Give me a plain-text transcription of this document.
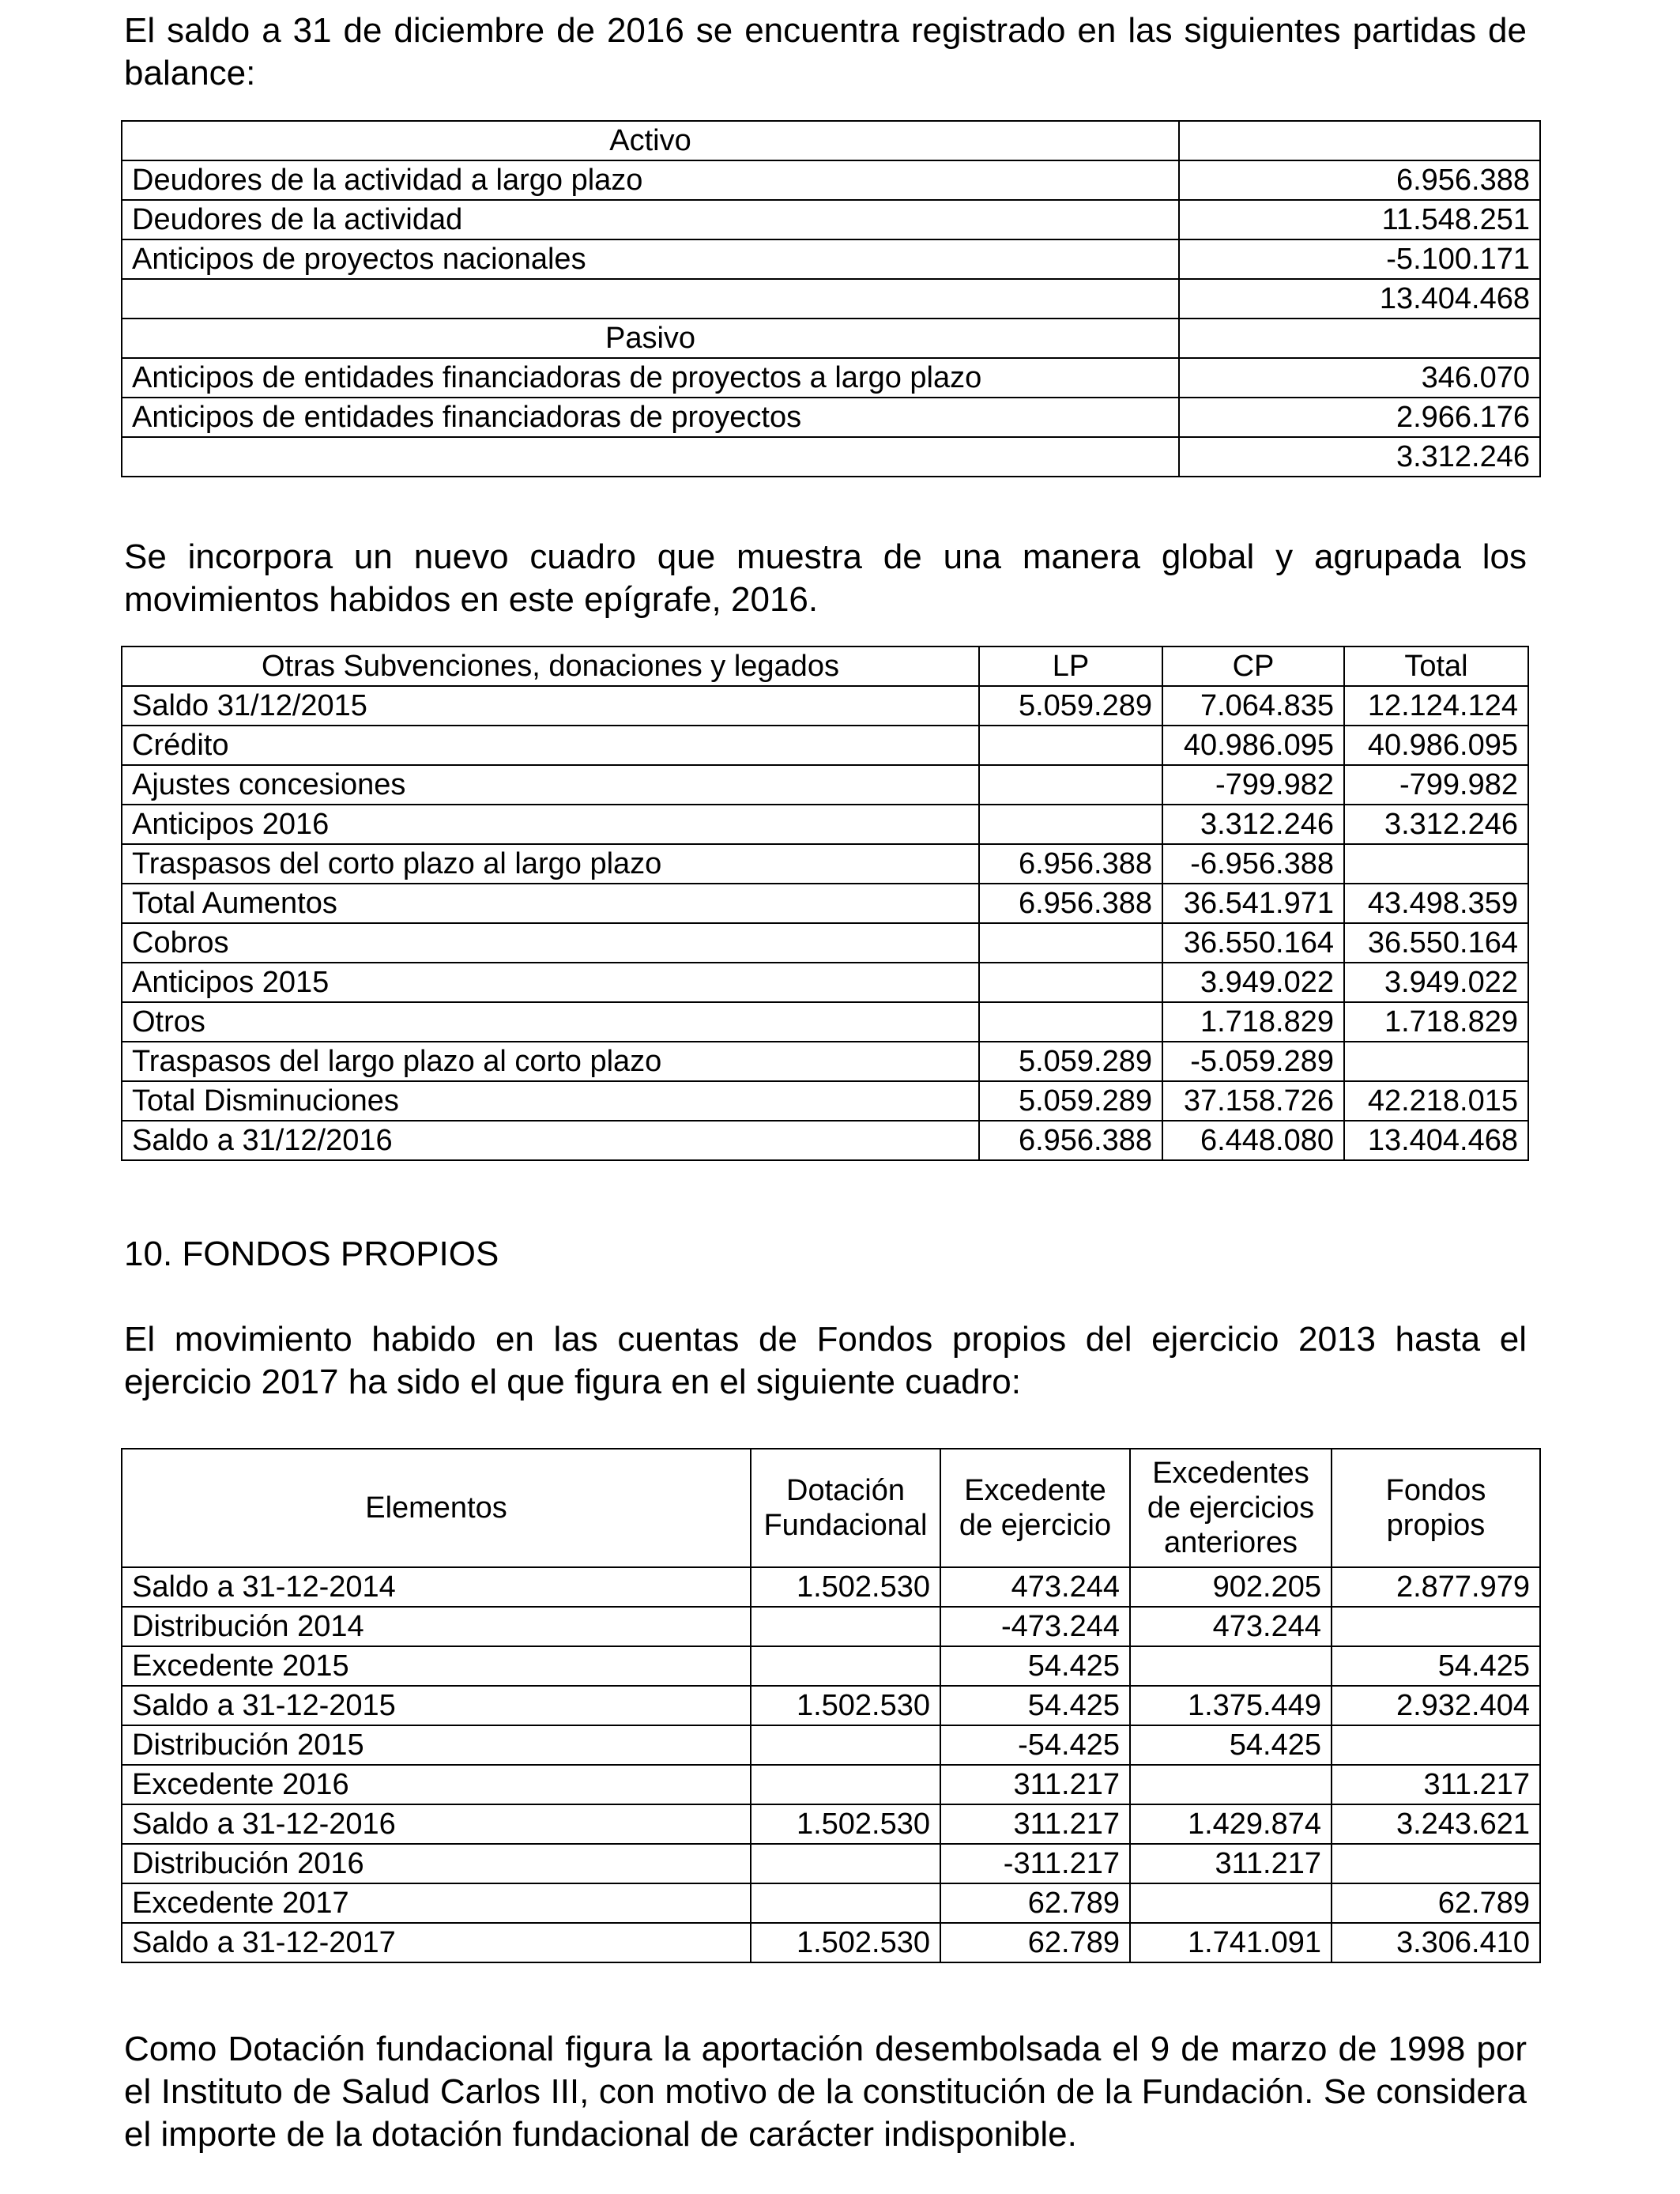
El saldo a 31 de diciembre de 2016 se encuentra registrado en las siguientes partidas de balance:

Activo	
Deudores de la actividad a largo plazo	6.956.388
Deudores de la actividad	11.548.251
Anticipos de proyectos nacionales	-5.100.171
	13.404.468
Pasivo	
Anticipos de entidades financiadoras de proyectos a largo plazo	346.070
Anticipos de entidades financiadoras de proyectos	2.966.176
	3.312.246

Se incorpora un nuevo cuadro que muestra de una manera global y agrupada los movimientos habidos en este epígrafe, 2016.

Otras Subvenciones, donaciones y legados	LP	CP	Total
Saldo 31/12/2015	5.059.289	7.064.835	12.124.124
Crédito		40.986.095	40.986.095
Ajustes concesiones		-799.982	-799.982
Anticipos 2016		3.312.246	3.312.246
Traspasos del corto plazo al largo plazo	6.956.388	-6.956.388	
Total Aumentos	6.956.388	36.541.971	43.498.359
Cobros		36.550.164	36.550.164
Anticipos 2015		3.949.022	3.949.022
Otros		1.718.829	1.718.829
Traspasos del largo plazo al corto plazo	5.059.289	-5.059.289	
Total Disminuciones	5.059.289	37.158.726	42.218.015
Saldo a 31/12/2016	6.956.388	6.448.080	13.404.468

10. FONDOS PROPIOS

El movimiento habido en las cuentas de Fondos propios del ejercicio 2013 hasta el ejercicio 2017 ha sido el que figura en el siguiente cuadro:

Elementos	Dotación Fundacional	Excedente de ejercicio	Excedentes de ejercicios anteriores	Fondos propios
Saldo a 31-12-2014	1.502.530	473.244	902.205	2.877.979
Distribución 2014		-473.244	473.244	
Excedente 2015		54.425		54.425
Saldo a 31-12-2015	1.502.530	54.425	1.375.449	2.932.404
Distribución 2015		-54.425	54.425	
Excedente 2016		311.217		311.217
Saldo a 31-12-2016	1.502.530	311.217	1.429.874	3.243.621
Distribución 2016		-311.217	311.217	
Excedente 2017		62.789		62.789
Saldo a 31-12-2017	1.502.530	62.789	1.741.091	3.306.410

Como Dotación fundacional figura la aportación desembolsada el 9 de marzo de 1998 por el Instituto de Salud Carlos III, con motivo de la constitución de la Fundación. Se considera el importe de la dotación fundacional de carácter indisponible.
